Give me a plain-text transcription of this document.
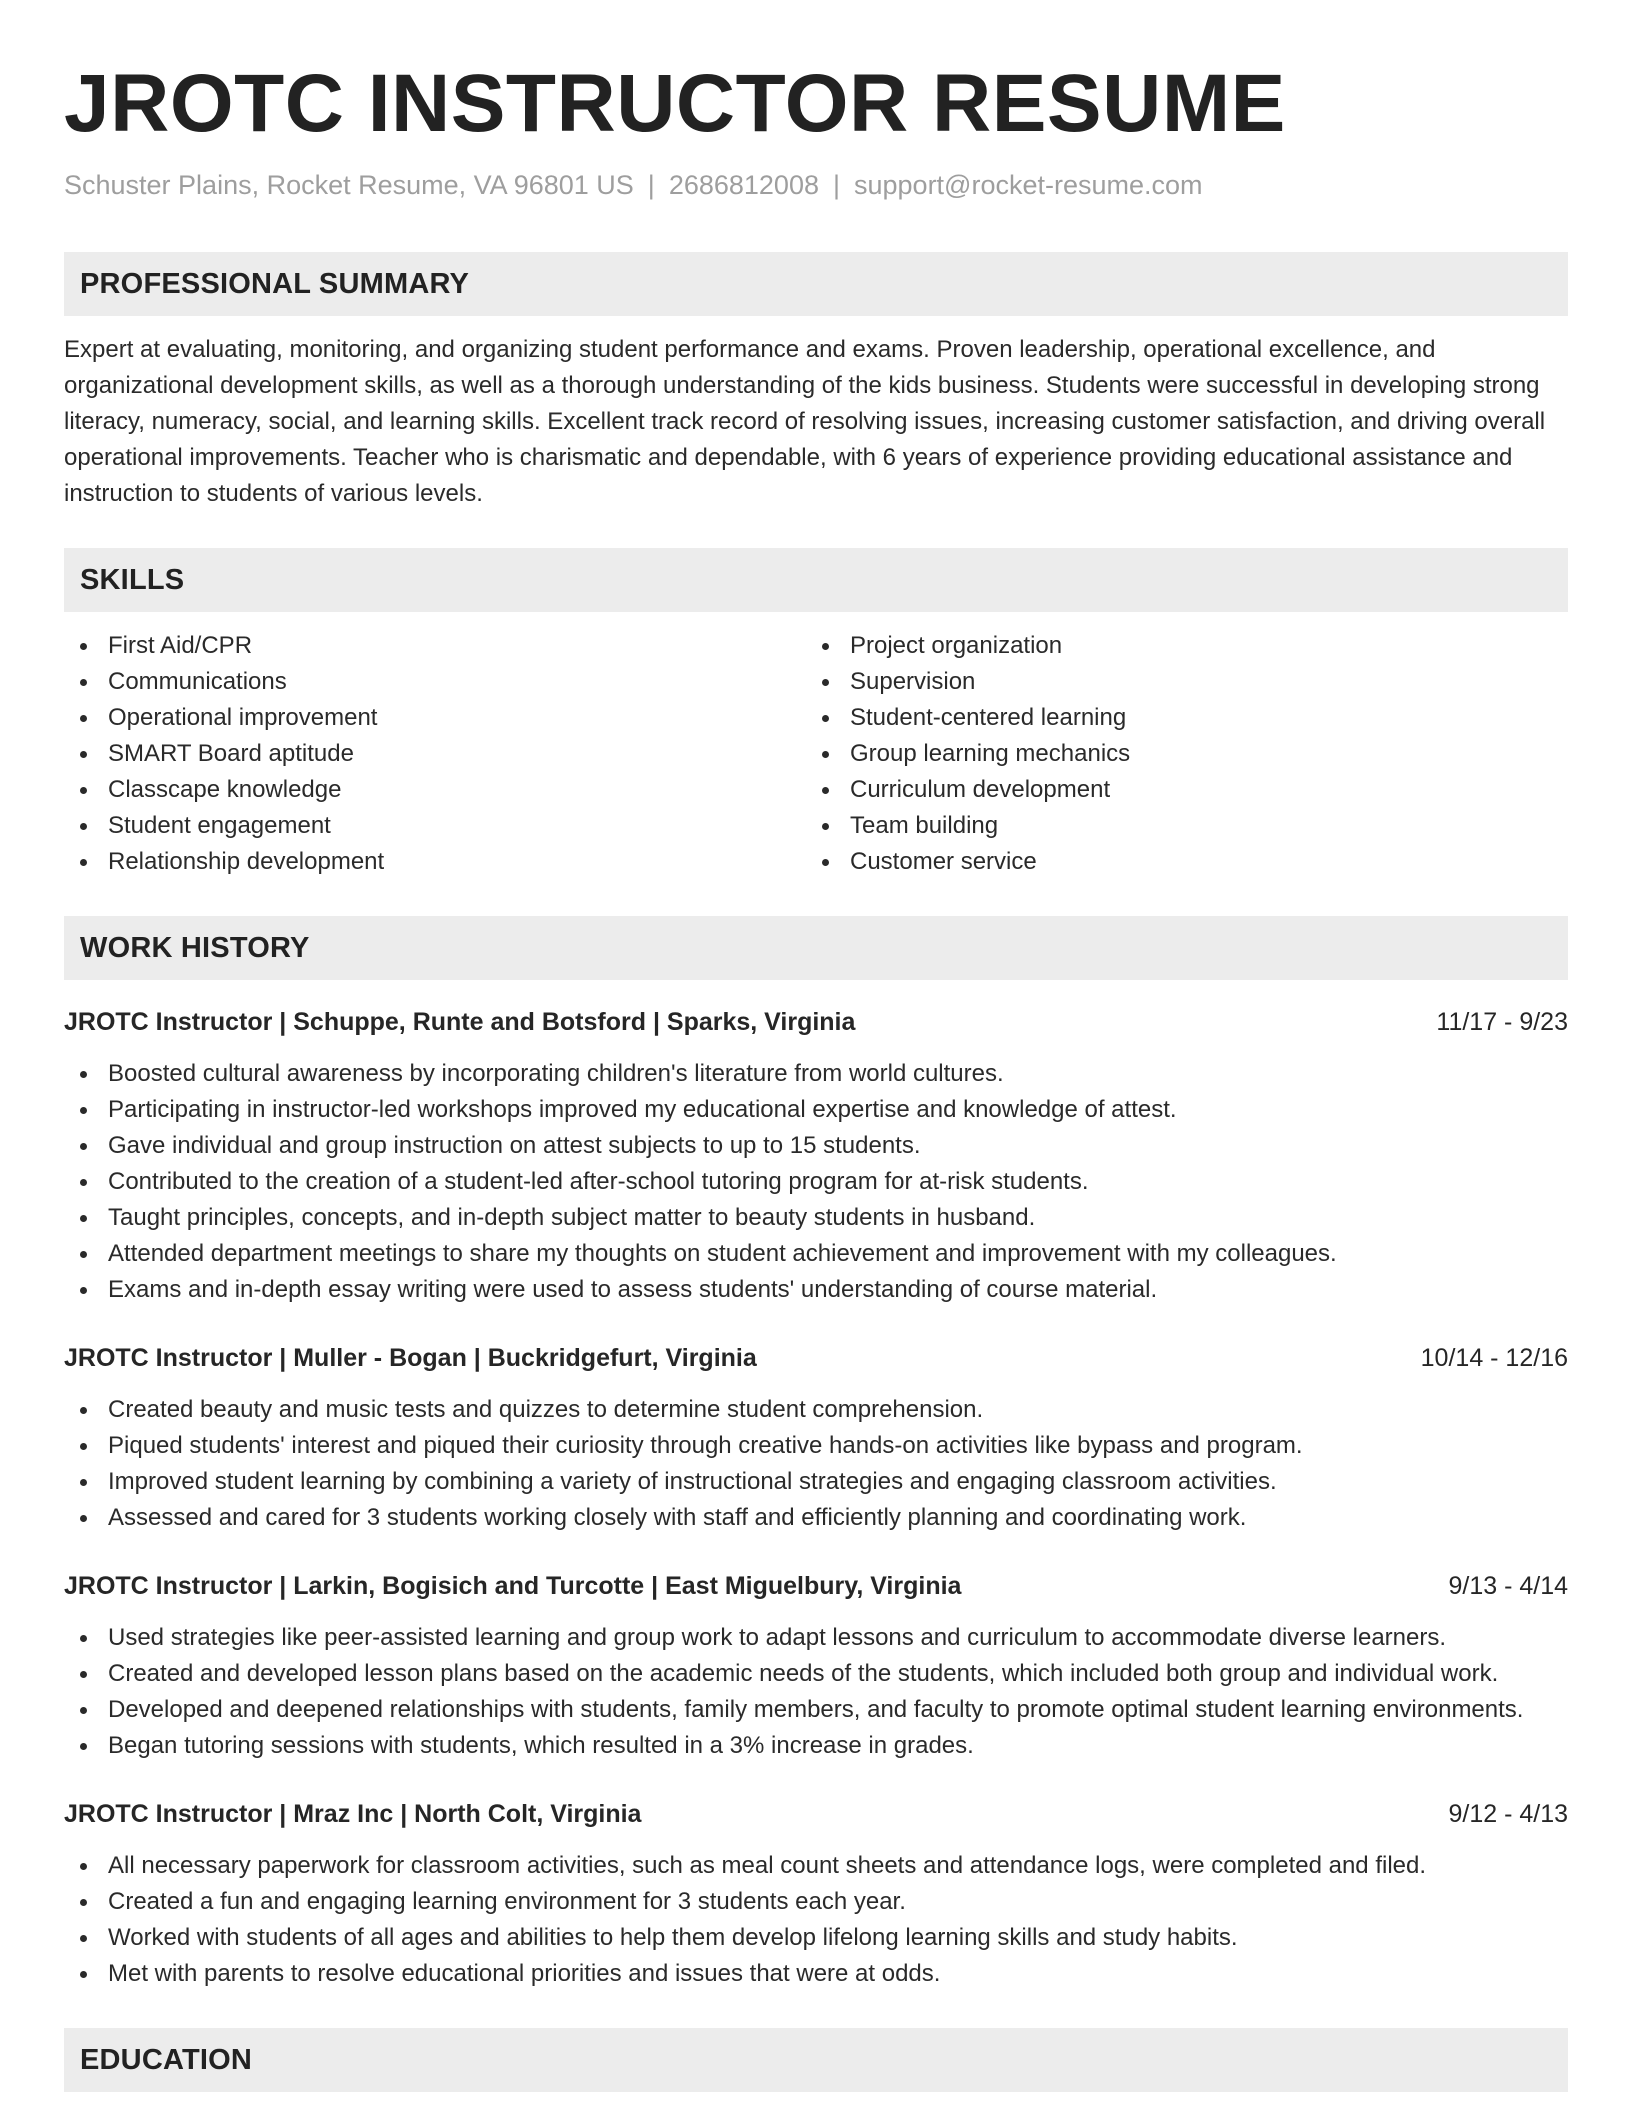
JROTC INSTRUCTOR RESUME
Schuster Plains, Rocket Resume, VA 96801 US | 2686812008 | support@rocket-resume.com
PROFESSIONAL SUMMARY

Expert at evaluating, monitoring, and organizing student performance and exams. Proven leadership, operational excellence, and organizational development skills, as well as a thorough understanding of the kids business. Students were successful in developing strong literacy, numeracy, social, and learning skills. Excellent track record of resolving issues, increasing customer satisfaction, and driving overall operational improvements. Teacher who is charismatic and dependable, with 6 years of experience providing educational assistance and instruction to students of various levels.

SKILLS
First Aid/CPR
Communications
Operational improvement
SMART Board aptitude
Classcape knowledge
Student engagement
Relationship development
Project organization
Supervision
Student-centered learning
Group learning mechanics
Curriculum development
Team building
Customer service
WORK HISTORY
JROTC Instructor | Schuppe, Runte and Botsford | Sparks, Virginia	11/17 - 9/23
Boosted cultural awareness by incorporating children's literature from world cultures.
Participating in instructor-led workshops improved my educational expertise and knowledge of attest.
Gave individual and group instruction on attest subjects to up to 15 students.
Contributed to the creation of a student-led after-school tutoring program for at-risk students.
Taught principles, concepts, and in-depth subject matter to beauty students in husband.
Attended department meetings to share my thoughts on student achievement and improvement with my colleagues.
Exams and in-depth essay writing were used to assess students' understanding of course material.
JROTC Instructor | Muller - Bogan | Buckridgefurt, Virginia	10/14 - 12/16
Created beauty and music tests and quizzes to determine student comprehension.
Piqued students' interest and piqued their curiosity through creative hands-on activities like bypass and program.
Improved student learning by combining a variety of instructional strategies and engaging classroom activities.
Assessed and cared for 3 students working closely with staff and efficiently planning and coordinating work.
JROTC Instructor | Larkin, Bogisich and Turcotte | East Miguelbury, Virginia	9/13 - 4/14
Used strategies like peer-assisted learning and group work to adapt lessons and curriculum to accommodate diverse learners.
Created and developed lesson plans based on the academic needs of the students, which included both group and individual work.
Developed and deepened relationships with students, family members, and faculty to promote optimal student learning environments.
Began tutoring sessions with students, which resulted in a 3% increase in grades.
JROTC Instructor | Mraz Inc | North Colt, Virginia	9/12 - 4/13
All necessary paperwork for classroom activities, such as meal count sheets and attendance logs, were completed and filed.
Created a fun and engaging learning environment for 3 students each year.
Worked with students of all ages and abilities to help them develop lifelong learning skills and study habits.
Met with parents to resolve educational priorities and issues that were at odds.
EDUCATION
